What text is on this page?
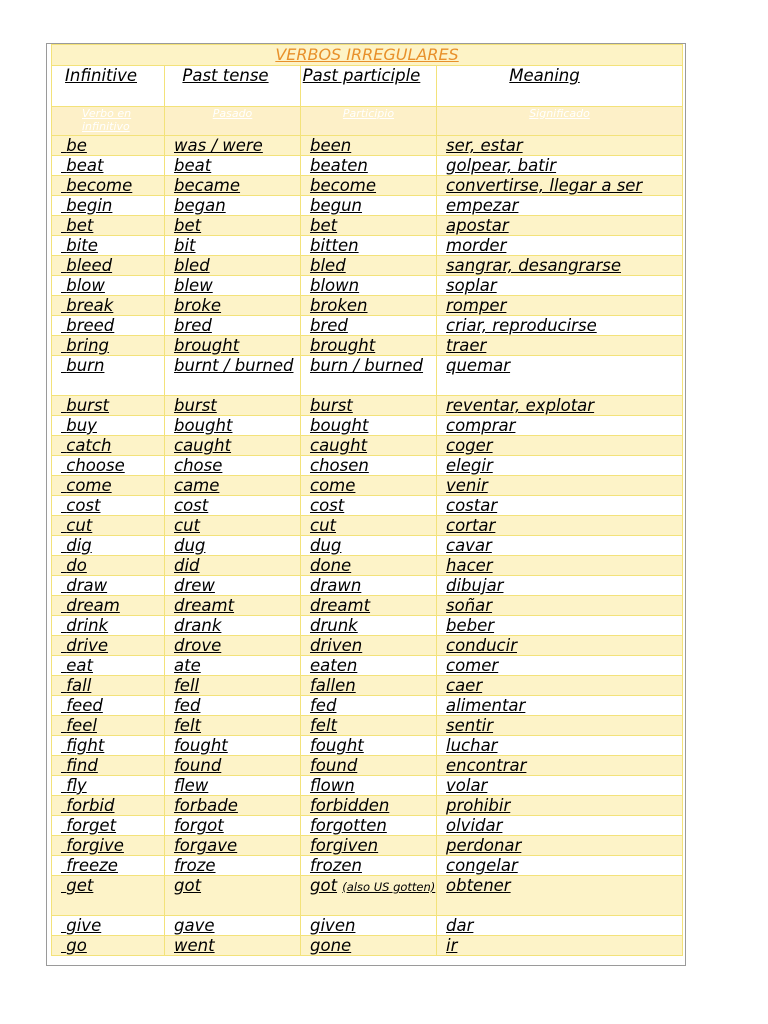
VERBOS IRREGULARES			
Infinitive	Past tense	Past participle	Meaning
Verbo en infinitivo	Pasado	Participio	Significado
be	was / were	been	ser, estar
beat	beat	beaten	golpear, batir
become	became	become	convertirse, llegar a ser
begin	began	begun	empezar
bet	bet	bet	apostar
bite	bit	bitten	morder
bleed	bled	bled	sangrar, desangrarse
blow	blew	blown	soplar
break	broke	broken	romper
breed	bred	bred	criar, reproducirse
bring	brought	brought	traer
burn	burnt / burned	burn / burned	quemar
burst	burst	burst	reventar, explotar
buy	bought	bought	comprar
catch	caught	caught	coger
choose	chose	chosen	elegir
come	came	come	venir
cost	cost	cost	costar
cut	cut	cut	cortar
dig	dug	dug	cavar
do	did	done	hacer
draw	drew	drawn	dibujar
dream	dreamt	dreamt	soñar
drink	drank	drunk	beber
drive	drove	driven	conducir
eat	ate	eaten	comer
fall	fell	fallen	caer
feed	fed	fed	alimentar
feel	felt	felt	sentir
fight	fought	fought	luchar
find	found	found	encontrar
fly	flew	flown	volar
forbid	forbade	forbidden	prohibir
forget	forgot	forgotten	olvidar
forgive	forgave	forgiven	perdonar
freeze	froze	frozen	congelar
get	got	got (also US gotten)	obtener
give	gave	given	dar
go	went	gone	ir
